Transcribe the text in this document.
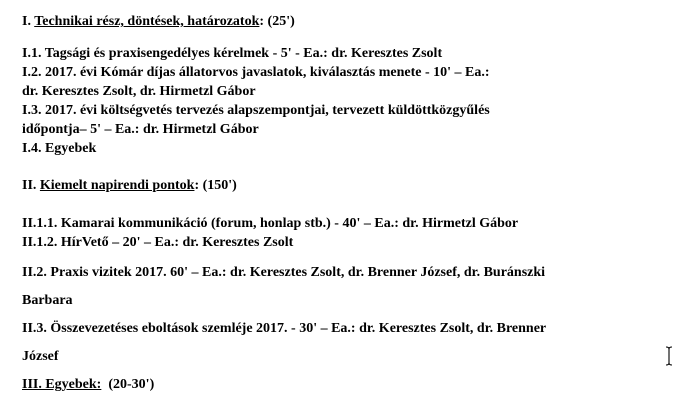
I. Technikai rész, döntések, határozatok: (25')
I.1. Tagsági és praxisengedélyes kérelmek - 5' - Ea.: dr. Keresztes Zsolt
I.2. 2017. évi Kómár díjas állatorvos javaslatok, kiválasztás menete - 10' – Ea.:
dr. Keresztes Zsolt, dr. Hirmetzl Gábor
I.3. 2017. évi költségvetés tervezés alapszempontjai, tervezett küldöttközgyűlés
időpontja– 5' – Ea.: dr. Hirmetzl Gábor
I.4. Egyebek
II. Kiemelt napirendi pontok: (150')
II.1.1. Kamarai kommunikáció (forum, honlap stb.) - 40' – Ea.: dr. Hirmetzl Gábor
II.1.2. HírVető – 20' – Ea.: dr. Keresztes Zsolt
II.2. Praxis vizitek 2017. 60' – Ea.: dr. Keresztes Zsolt, dr. Brenner József, dr. Buránszki
Barbara
II.3. Összevezetéses eboltások szemléje 2017. - 30' – Ea.: dr. Keresztes Zsolt, dr. Brenner
József
III. Egyebek:  (20-30')
